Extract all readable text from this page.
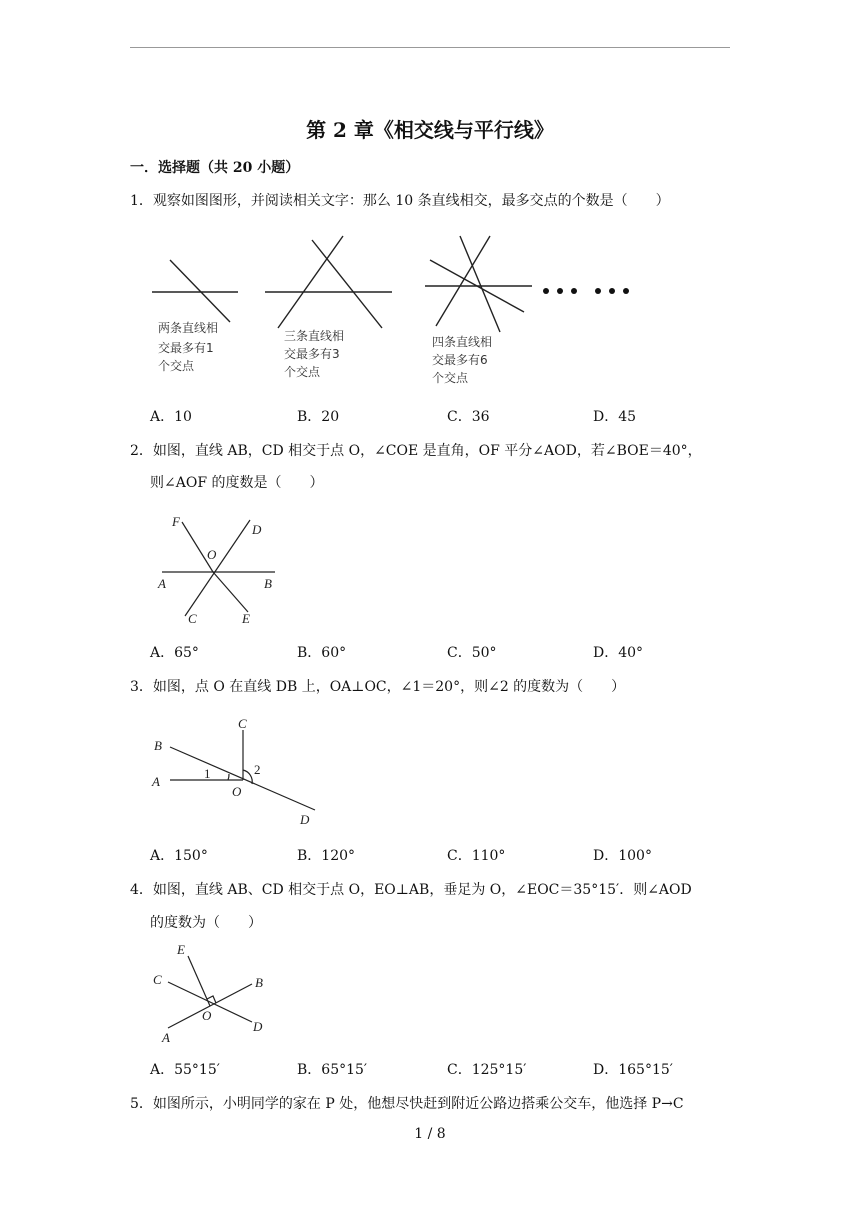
第 2 章《相交线与平行线》
一．选择题（共 20 小题）
1．观察如图图形，并阅读相关文字：那么 10 条直线相交，最多交点的个数是（　　）
两条直线相
交最多有1
个交点
三条直线相
交最多有3
个交点
四条直线相
交最多有6
个交点
A．10	B．20	C．36	D．45
2．如图，直线 AB，CD 相交于点 O，∠COE 是直角，OF 平分∠AOD，若∠BOE＝40°，
则∠AOF 的度数是（　　）
F
D
O
A	B
C	E
A．65°	B．60°	C．50°	D．40°
3．如图，点 O 在直线 DB 上，OA⊥OC，∠1＝20°，则∠2 的度数为（　　）
C
B
A
O
D
1	2
A．150°	B．120°	C．110°	D．100°
4．如图，直线 AB、CD 相交于点 O，EO⊥AB，垂足为 O，∠EOC＝35°15′．则∠AOD
的度数为（　　）
E
C	B
O
D
A
A．55°15′	B．65°15′	C．125°15′	D．165°15′
5．如图所示，小明同学的家在 P 处，他想尽快赶到附近公路边搭乘公交车，他选择 P→C
1 / 8
